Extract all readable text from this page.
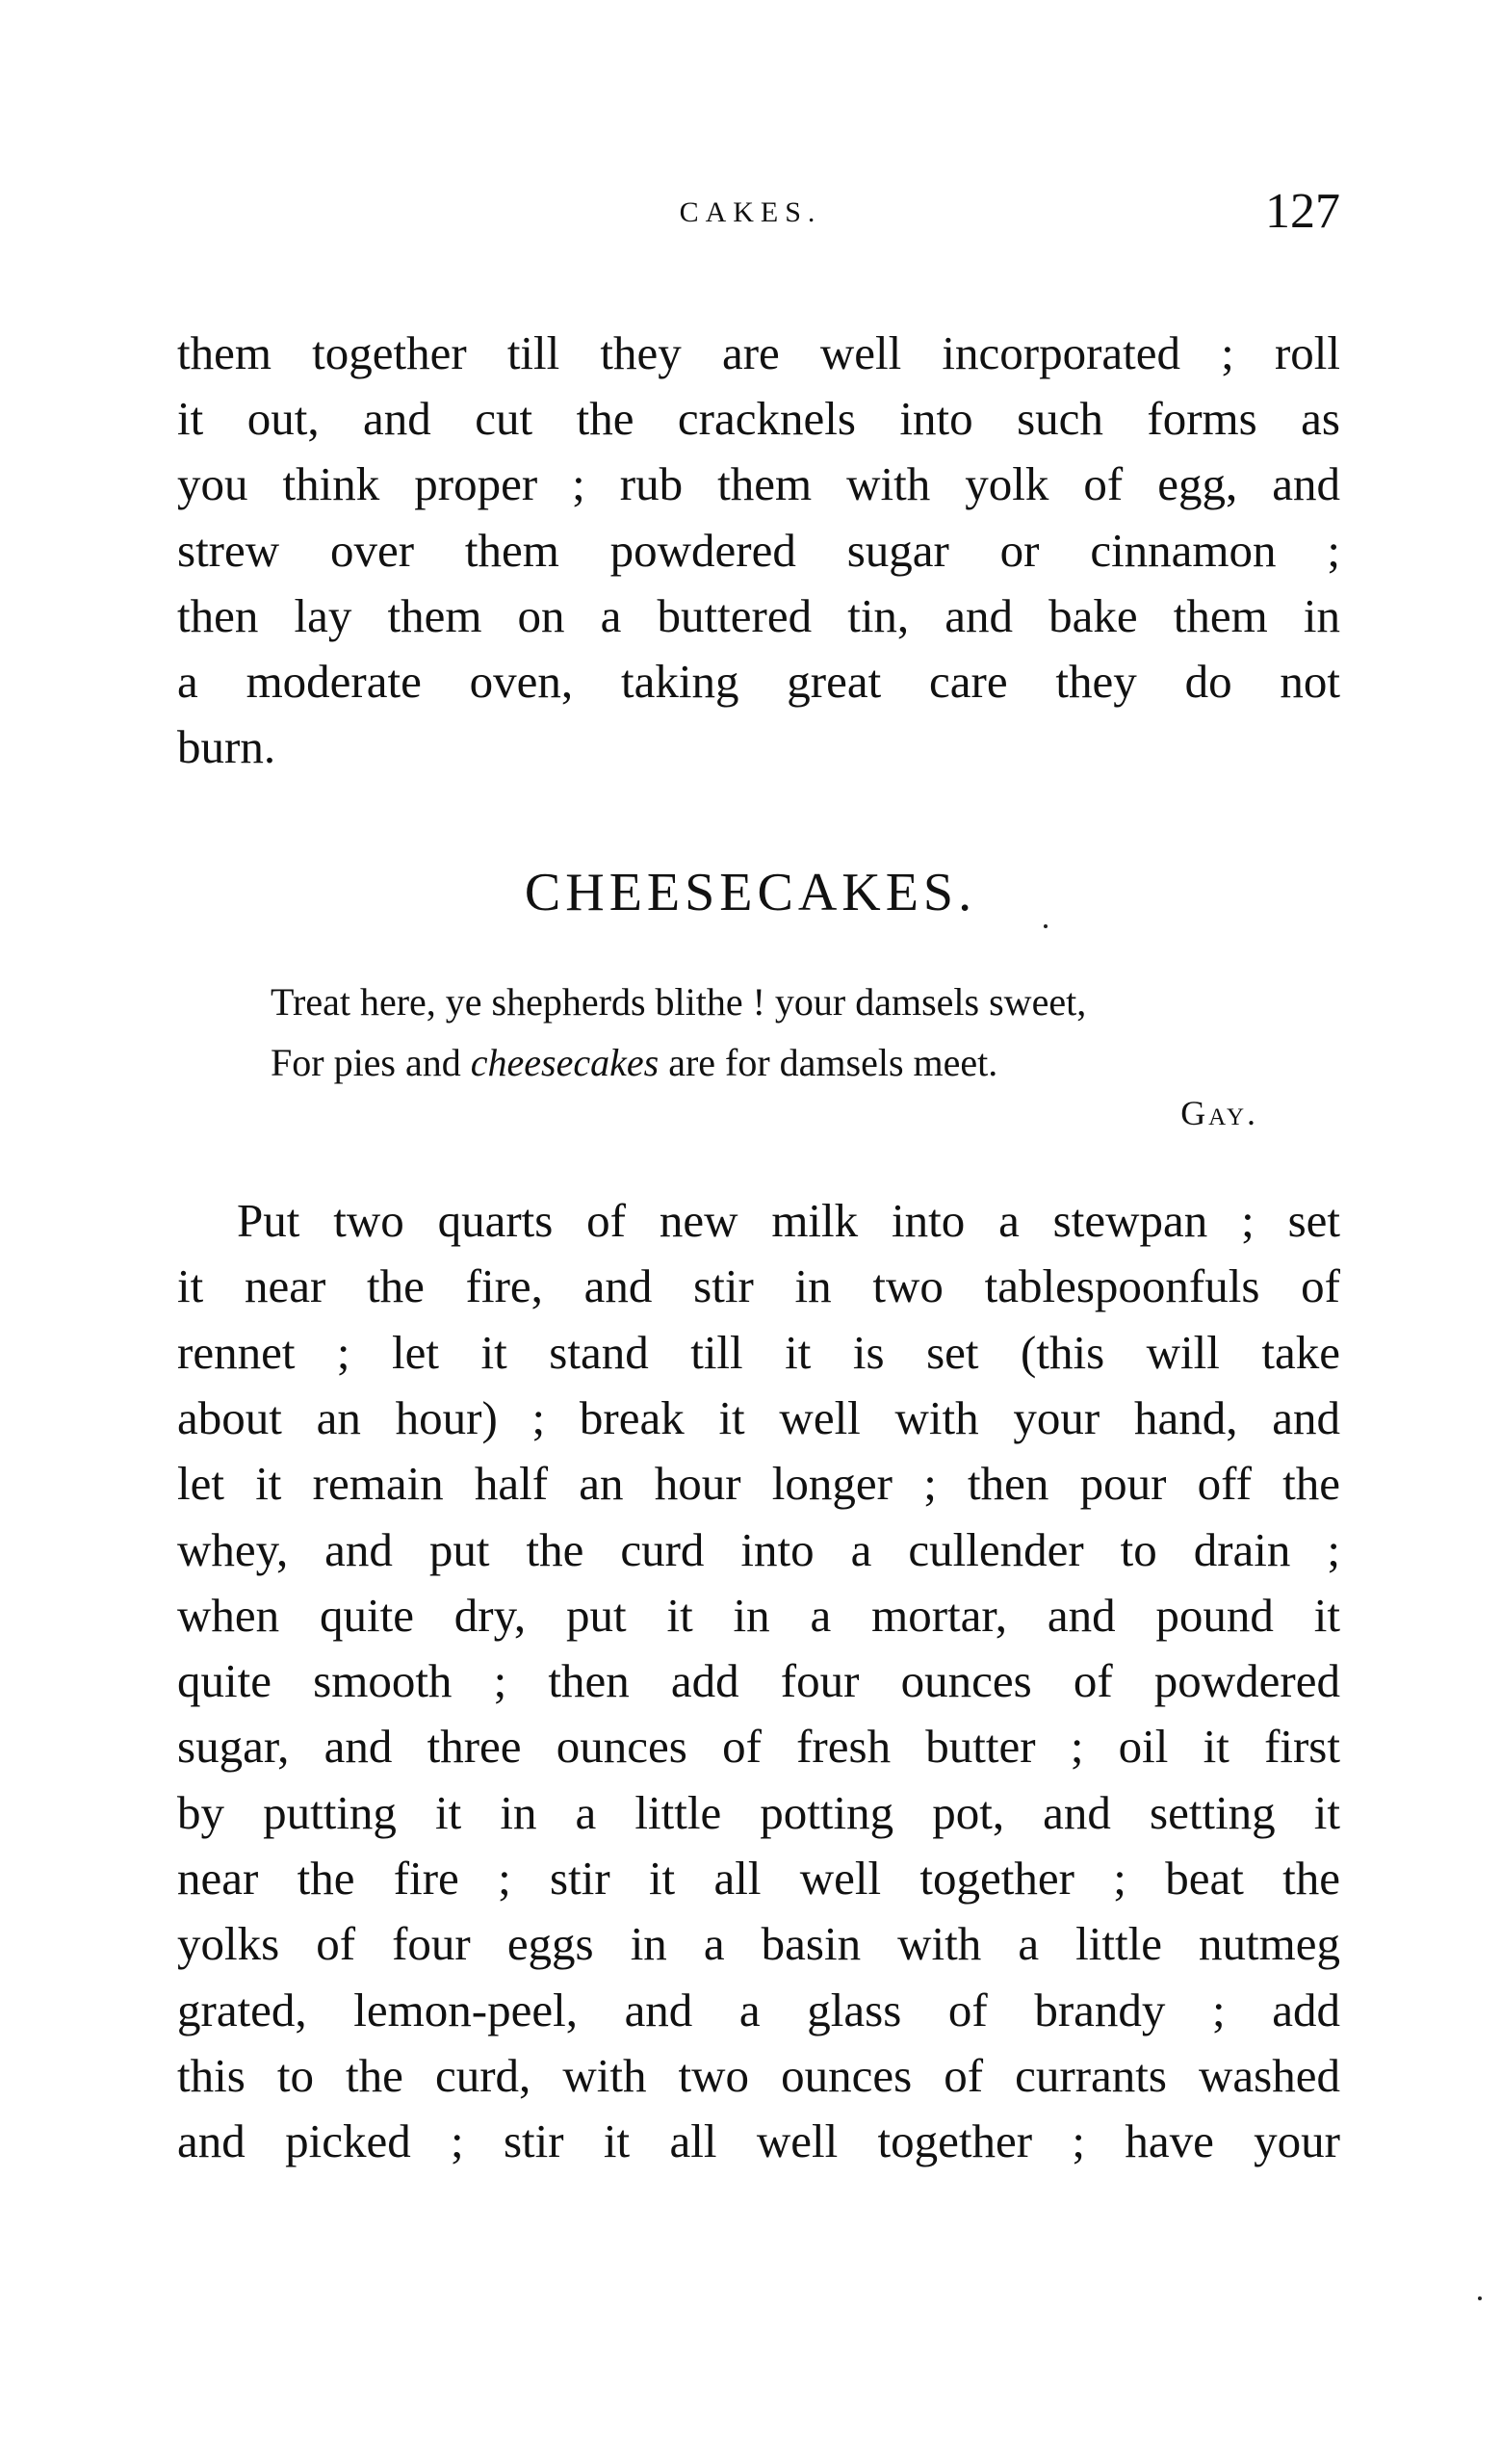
CAKES.	127
them together till they are well incorporated ; roll
it out, and cut the cracknels into such forms as
you think proper ; rub them with yolk of egg, and
strew over them powdered sugar or cinnamon ;
then lay them on a buttered tin, and bake them in
a moderate oven, taking great care they do not
burn.
CHEESECAKES.
Treat here, ye shepherds blithe ! your damsels sweet,
For pies and cheesecakes are for damsels meet.
Gay.
Put two quarts of new milk into a stewpan ; set
it near the fire, and stir in two tablespoonfuls of
rennet ; let it stand till it is set (this will take
about an hour) ; break it well with your hand, and
let it remain half an hour longer ; then pour off the
whey, and put the curd into a cullender to drain ;
when quite dry, put it in a mortar, and pound it
quite smooth ; then add four ounces of powdered
sugar, and three ounces of fresh butter ; oil it first
by putting it in a little potting pot, and setting it
near the fire ; stir it all well together ; beat the
yolks of four eggs in a basin with a little nutmeg
grated, lemon-peel, and a glass of brandy ; add
this to the curd, with two ounces of currants washed
and picked ; stir it all well together ; have your
